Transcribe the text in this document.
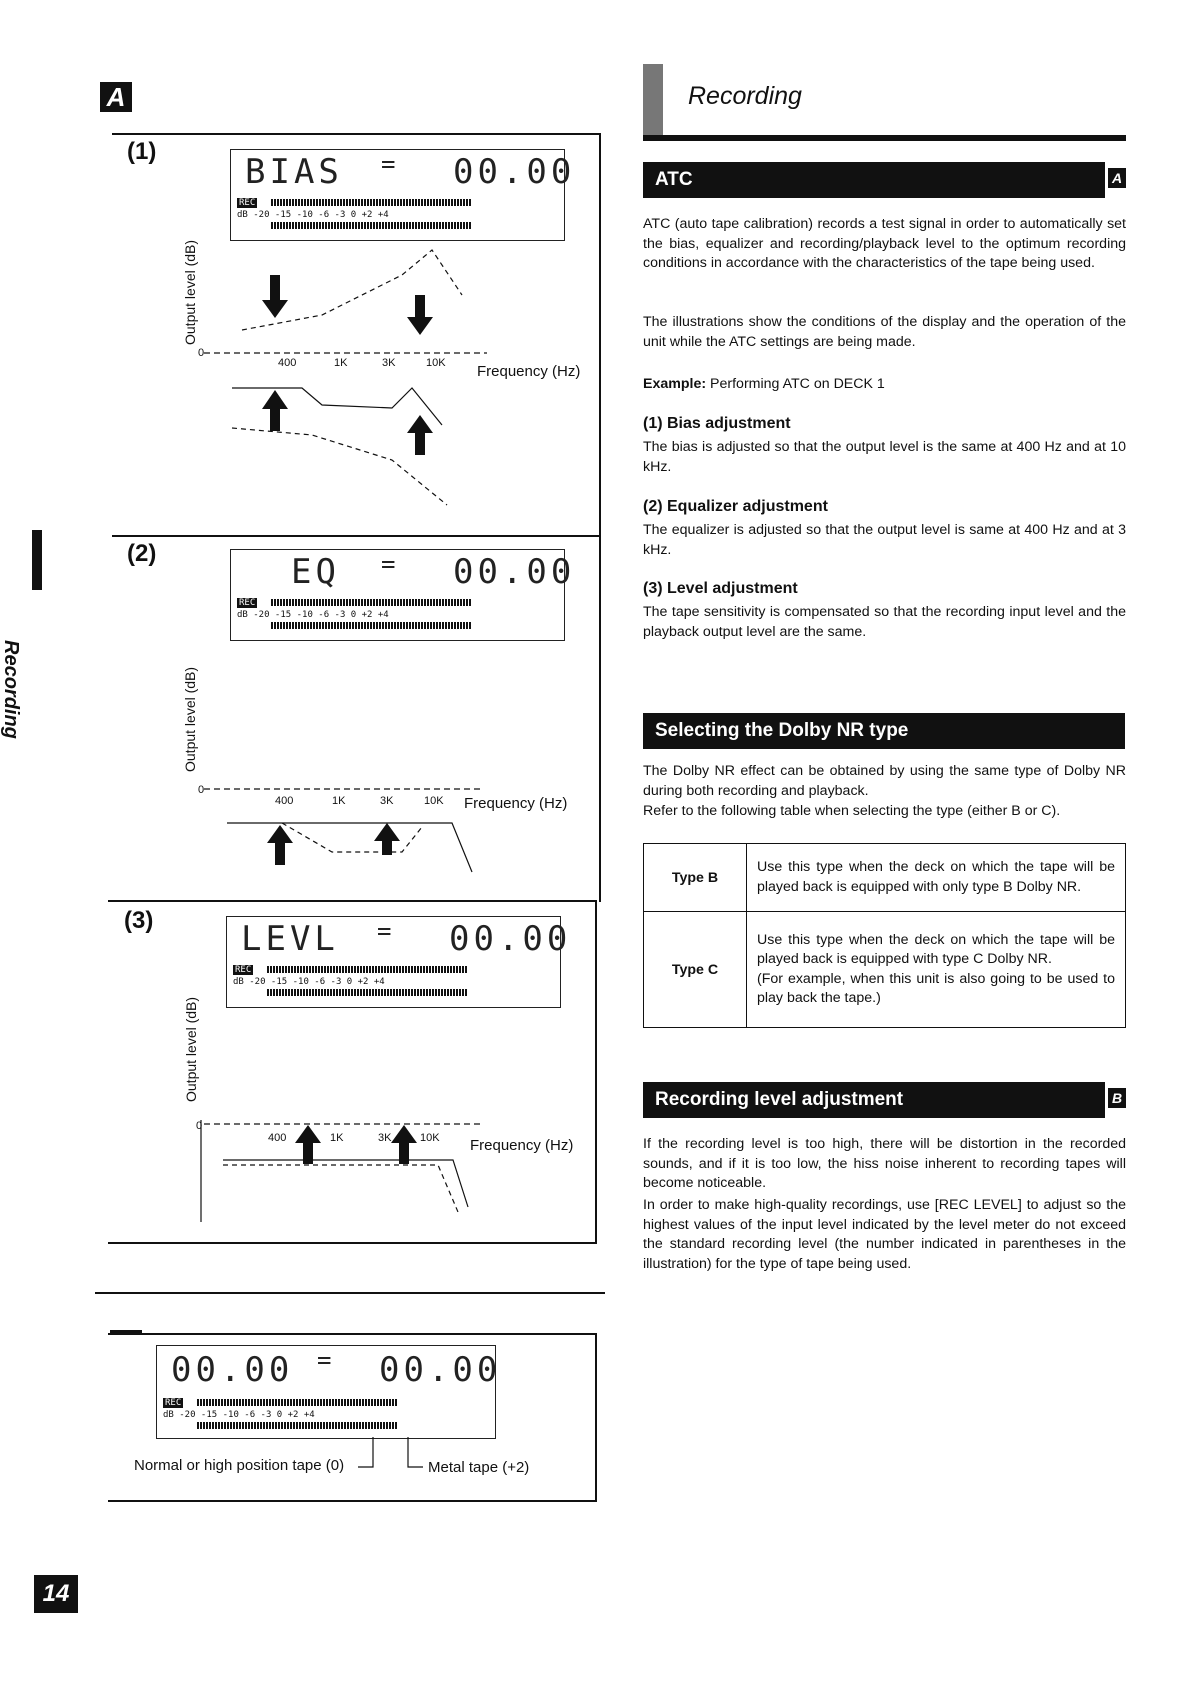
A
Recording
(1)
BIAS = 00.00
REC
dB -20 -15 -10 -6 -3 0 +2 +4
Output level (dB)
0
400	1K	3K	10K Frequency (Hz)
(2)	EQ = 00.00
REC
dB -20 -15 -10 -6 -3 0 +2 +4
Output level (dB)
0
400	1K	3K	10K Frequency (Hz)
(3)	LEVL = 00.00
REC
dB -20 -15 -10 -6 -3 0 +2 +4
Output level (dB)
0
400	1K	3K	10K Frequency (Hz)
00.00 = 00.00
REC
dB -20 -15 -10 -6 -3 0 +2 +4
Normal or high position tape (0)	Metal tape (+2)
14
Recording
ATC	A
ATC (auto tape calibration) records a test signal in order to automatically set the bias, equalizer and recording/playback level to the optimum recording conditions in accordance with the characteristics of the tape being used.
The illustrations show the conditions of the display and the operation of the unit while the ATC settings are being made.
Example: Performing ATC on DECK 1
(1) Bias adjustment
The bias is adjusted so that the output level is the same at 400 Hz and at 10 kHz.
(2) Equalizer adjustment
The equalizer is adjusted so that the output level is same at 400 Hz and at 3 kHz.
(3) Level adjustment
The tape sensitivity is compensated so that the recording input level and the playback output level are the same.
Selecting the Dolby NR type
The Dolby NR effect can be obtained by using the same type of Dolby NR during both recording and playback.
Refer to the following table when selecting the type (either B or C).
Type B	Use this type when the deck on which the tape will be played back is equipped with only type B Dolby NR.
Type C	Use this type when the deck on which the tape will be played back is equipped with type C Dolby NR.
(For example, when this unit is also going to be used to play back the tape.)
Recording level adjustment	B
If the recording level is too high, there will be distortion in the recorded sounds, and if it is too low, the hiss noise inherent to recording tapes will become noticeable.
In order to make high-quality recordings, use [REC LEVEL] to adjust so the highest values of the input level indicated by the level meter do not exceed the standard recording level (the number indicated in parentheses in the illustration) for the type of tape being used.
